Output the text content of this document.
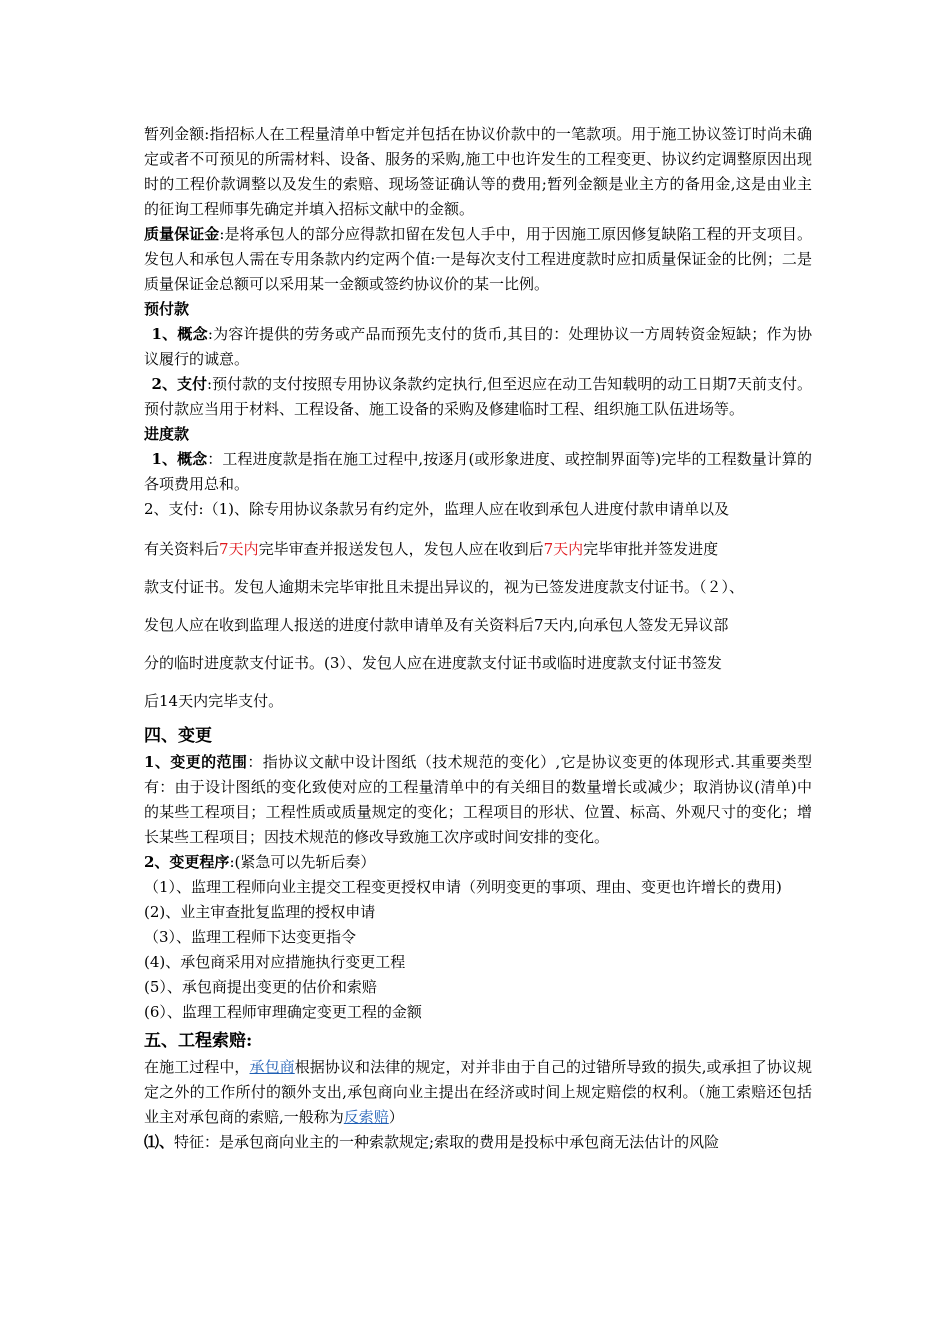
暂列金额:指招标人在工程量清单中暂定并包括在协议价款中的一笔款项。用于施工协议签订时尚未确定或者不可预见的所需材料、设备、服务的采购,施工中也许发生的工程变更、协议约定调整原因出现时的工程价款调整以及发生的索赔、现场签证确认等的费用;暂列金额是业主方的备用金,这是由业主的征询工程师事先确定并填入招标文献中的金额。

质量保证金:是将承包人的部分应得款扣留在发包人手中，用于因施工原因修复缺陷工程的开支项目。发包人和承包人需在专用条款内约定两个值:一是每次支付工程进度款时应扣质量保证金的比例；二是质量保证金总额可以采用某一金额或签约协议价的某一比例。

预付款

1、概念:为容许提供的劳务或产品而预先支付的货币,其目的：处理协议一方周转资金短缺；作为协议履行的诚意。

2、支付:预付款的支付按照专用协议条款约定执行,但至迟应在动工告知载明的动工日期7天前支付。预付款应当用于材料、工程设备、施工设备的采购及修建临时工程、组织施工队伍进场等。

进度款

1、概念：工程进度款是指在施工过程中,按逐月(或形象进度、或控制界面等)完毕的工程数量计算的各项费用总和。

2、支付:（1)、除专用协议条款另有约定外，监理人应在收到承包人进度付款申请单以及

有关资料后7天内完毕审查并报送发包人，发包人应在收到后7天内完毕审批并签发进度

款支付证书。发包人逾期未完毕审批且未提出异议的，视为已签发进度款支付证书。（２）、

发包人应在收到监理人报送的进度付款申请单及有关资料后7天内,向承包人签发无异议部

分的临时进度款支付证书。(3）、发包人应在进度款支付证书或临时进度款支付证书签发

后14天内完毕支付。

四、变更

1、变更的范围：指协议文献中设计图纸（技术规范的变化）,它是协议变更的体现形式.其重要类型有：由于设计图纸的变化致使对应的工程量清单中的有关细目的数量增长或减少；取消协议(清单)中的某些工程项目；工程性质或质量规定的变化；工程项目的形状、位置、标高、外观尺寸的变化；增长某些工程项目；因技术规范的修改导致施工次序或时间安排的变化。

2、变更程序:(紧急可以先斩后奏）

（1）、监理工程师向业主提交工程变更授权申请（列明变更的事项、理由、变更也许增长的费用)

(2)、业主审查批复监理的授权申请

（3）、监理工程师下达变更指令

(4)、承包商采用对应措施执行变更工程

(5）、承包商提出变更的估价和索赔

(6）、监理工程师审理确定变更工程的金额

五、工程索赔:

在施工过程中，承包商根据协议和法律的规定，对并非由于自己的过错所导致的损失,或承担了协议规定之外的工作所付的额外支出,承包商向业主提出在经济或时间上规定赔偿的权利。（施工索赔还包括业主对承包商的索赔,一般称为反索赔）

⑴、特征：是承包商向业主的一种索款规定;索取的费用是投标中承包商无法估计的风险
